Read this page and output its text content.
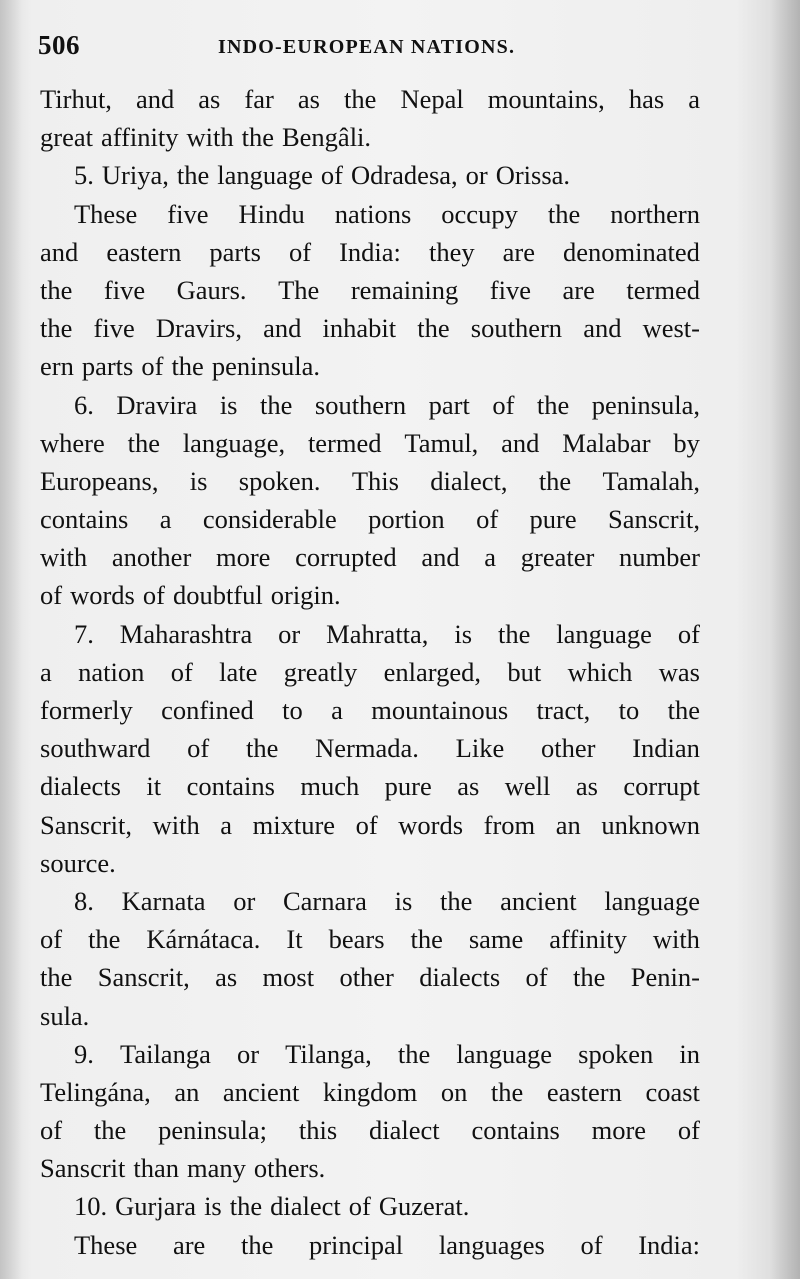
506	INDO-EUROPEAN NATIONS.
Tirhut, and as far as the Nepal mountains, has a
great affinity with the Bengâli.
5. Uriya, the language of Odradesa, or Orissa.
These five Hindu nations occupy the northern
and eastern parts of India: they are denominated
the five Gaurs. The remaining five are termed
the five Dravirs, and inhabit the southern and west-
ern parts of the peninsula.
6. Dravira is the southern part of the peninsula,
where the language, termed Tamul, and Malabar by
Europeans, is spoken. This dialect, the Tamalah,
contains a considerable portion of pure Sanscrit,
with another more corrupted and a greater number
of words of doubtful origin.
7. Maharashtra or Mahratta, is the language of
a nation of late greatly enlarged, but which was
formerly confined to a mountainous tract, to the
southward of the Nermada. Like other Indian
dialects it contains much pure as well as corrupt
Sanscrit, with a mixture of words from an unknown
source.
8. Karnata or Carnara is the ancient language
of the Kárnátaca. It bears the same affinity with
the Sanscrit, as most other dialects of the Penin-
sula.
9. Tailanga or Tilanga, the language spoken in
Telingána, an ancient kingdom on the eastern coast
of the peninsula; this dialect contains more of
Sanscrit than many others.
10. Gurjara is the dialect of Guzerat.
These are the principal languages of India:
